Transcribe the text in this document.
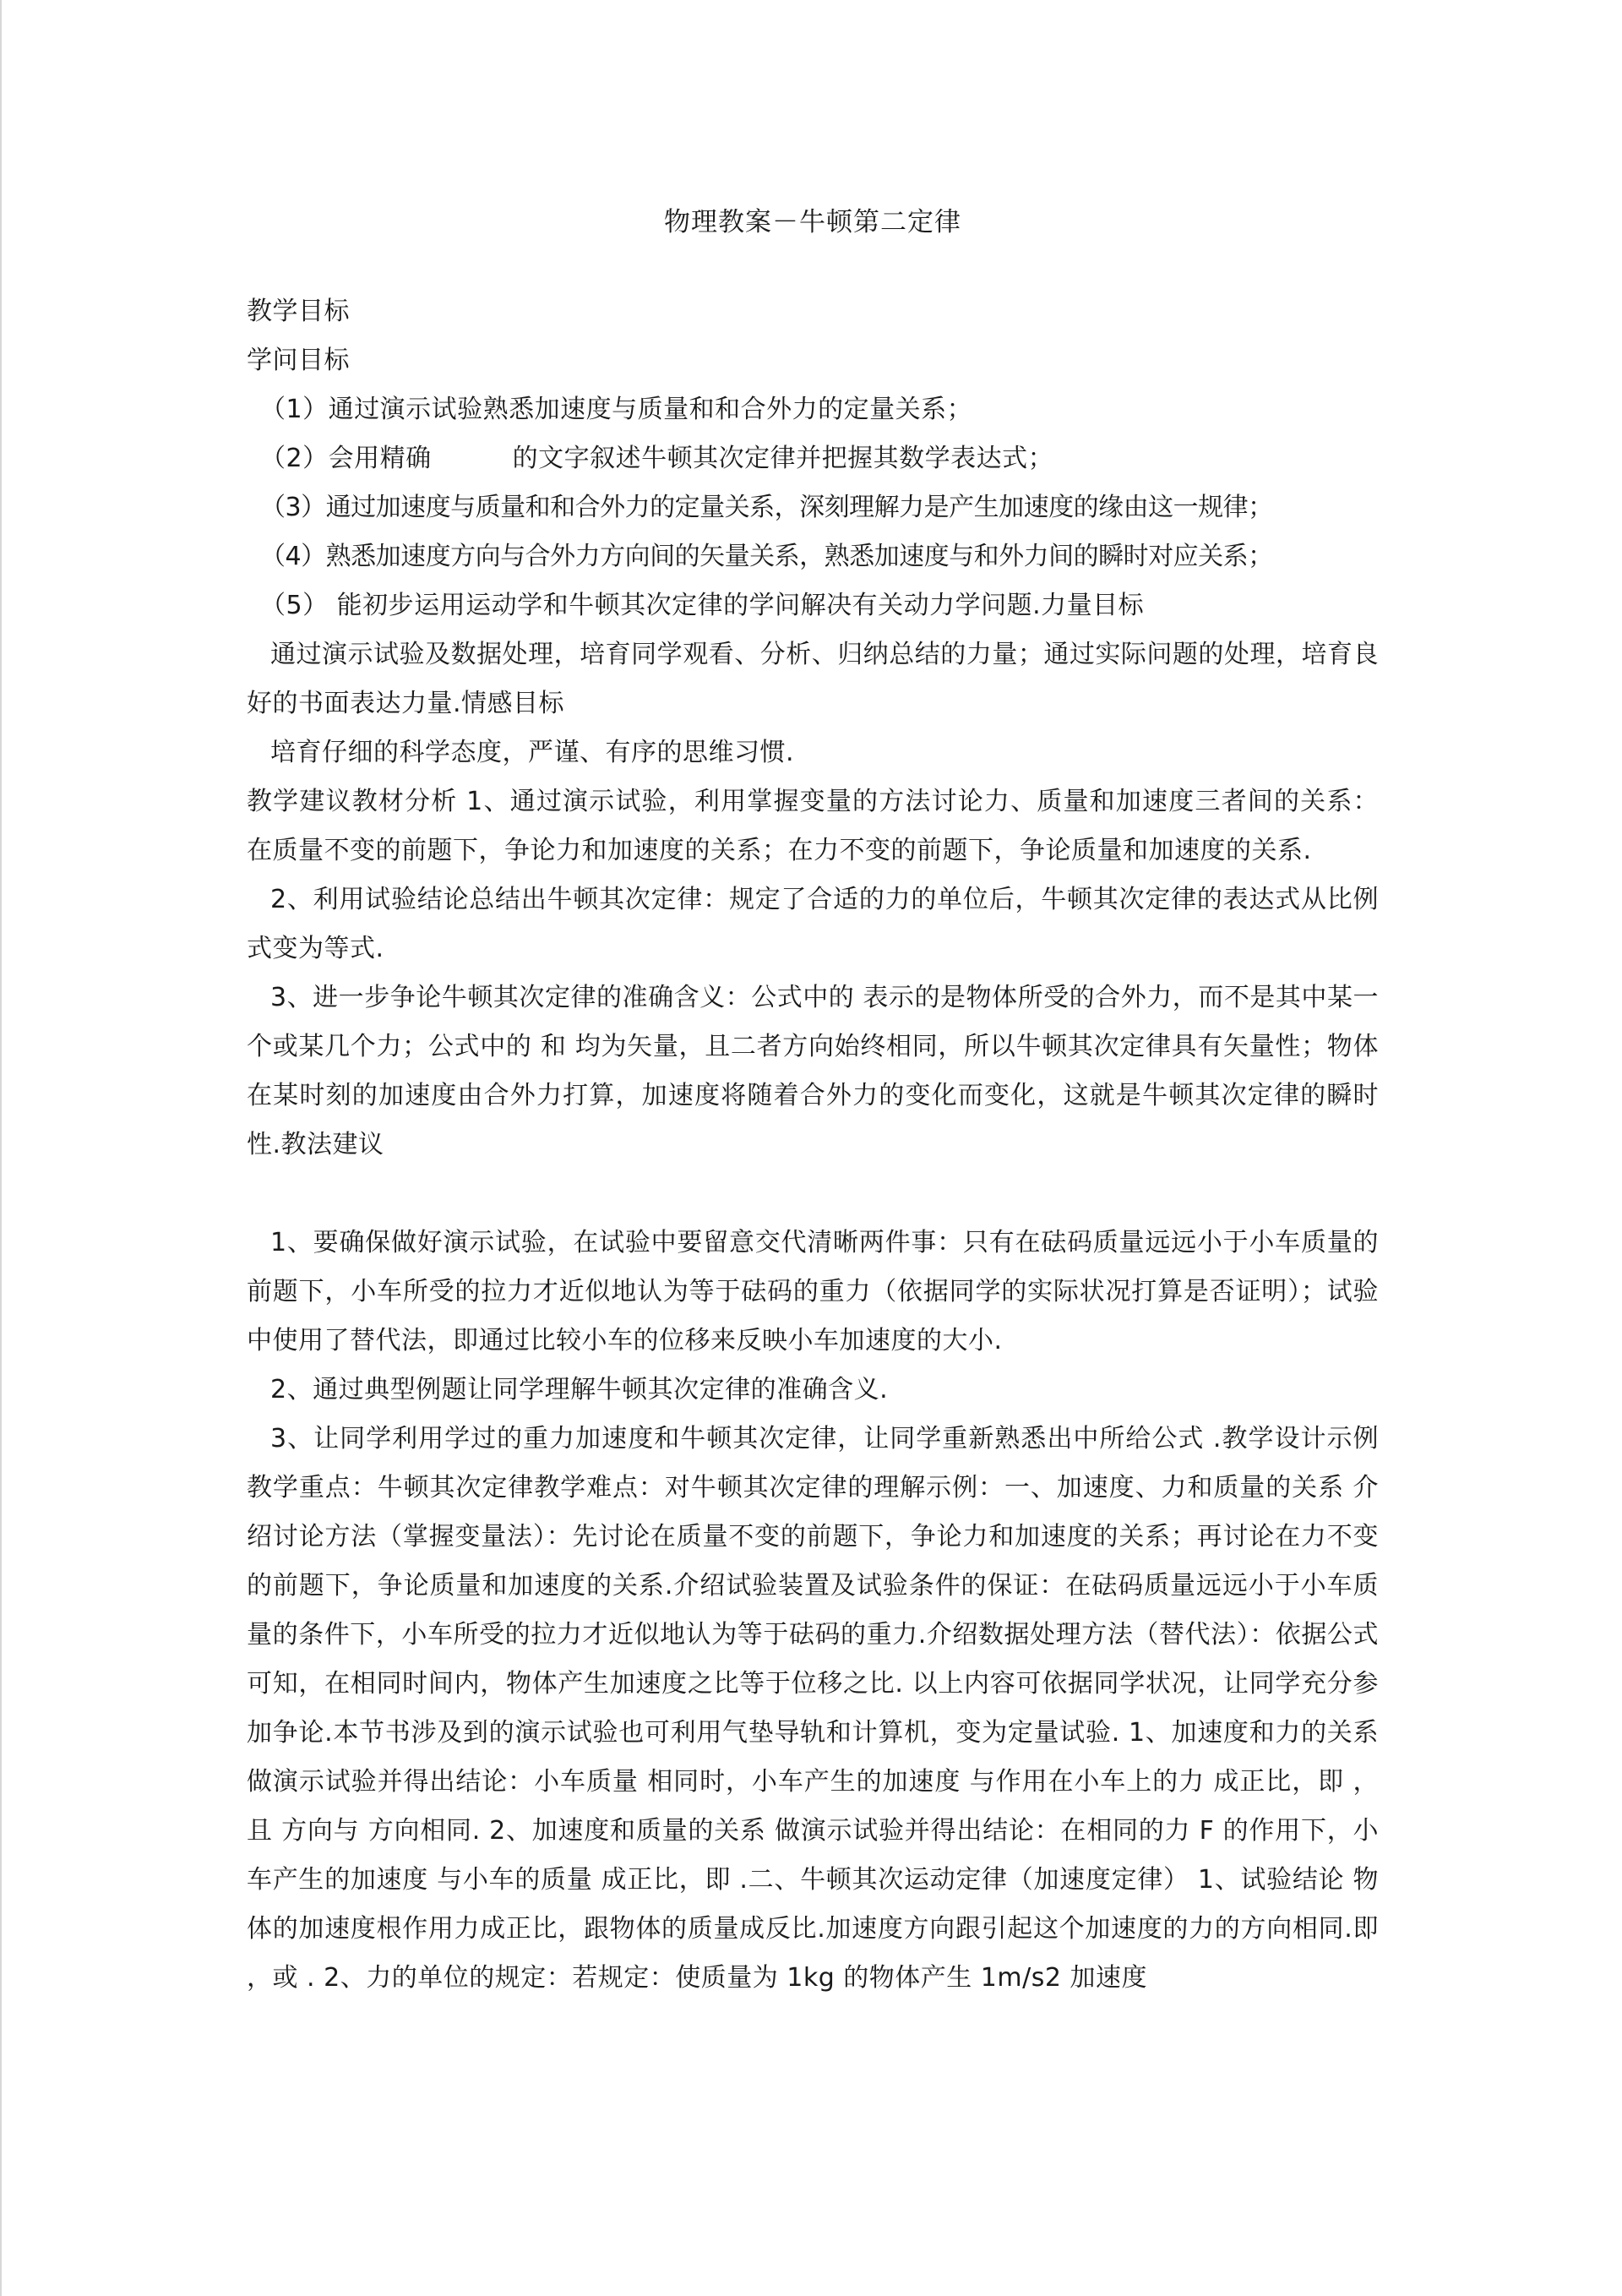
物理教案－牛顿第二定律

教学目标

学问目标

（1）通过演示试验熟悉加速度与质量和和合外力的定量关系；

（2）会用精确	的文字叙述牛顿其次定律并把握其数学表达式；

（3）通过加速度与质量和和合外力的定量关系，深刻理解力是产生加速度的缘由这一规律；

（4）熟悉加速度方向与合外力方向间的矢量关系，熟悉加速度与和外力间的瞬时对应关系；

（5） 能初步运用运动学和牛顿其次定律的学问解决有关动力学问题.力量目标

通过演示试验及数据处理，培育同学观看、分析、归纳总结的力量；通过实际问题的处理，培育良好的书面表达力量.情感目标

培育仔细的科学态度，严谨、有序的思维习惯.

教学建议教材分析 1、通过演示试验，利用掌握变量的方法讨论力、质量和加速度三者间的关系：在质量不变的前题下，争论力和加速度的关系；在力不变的前题下，争论质量和加速度的关系.

2、利用试验结论总结出牛顿其次定律：规定了合适的力的单位后，牛顿其次定律的表达式从比例式变为等式.

3、进一步争论牛顿其次定律的准确含义：公式中的 表示的是物体所受的合外力，而不是其中某一个或某几个力；公式中的 和 均为矢量，且二者方向始终相同，所以牛顿其次定律具有矢量性；物体在某时刻的加速度由合外力打算，加速度将随着合外力的变化而变化，这就是牛顿其次定律的瞬时性.教法建议

1、要确保做好演示试验，在试验中要留意交代清晰两件事：只有在砝码质量远远小于小车质量的前题下，小车所受的拉力才近似地认为等于砝码的重力（依据同学的实际状况打算是否证明）；试验中使用了替代法，即通过比较小车的位移来反映小车加速度的大小.

2、通过典型例题让同学理解牛顿其次定律的准确含义.

3、让同学利用学过的重力加速度和牛顿其次定律，让同学重新熟悉出中所给公式 .教学设计示例教学重点：牛顿其次定律教学难点：对牛顿其次定律的理解示例：一、加速度、力和质量的关系 介绍讨论方法（掌握变量法）：先讨论在质量不变的前题下，争论力和加速度的关系；再讨论在力不变的前题下，争论质量和加速度的关系.介绍试验装置及试验条件的保证：在砝码质量远远小于小车质量的条件下，小车所受的拉力才近似地认为等于砝码的重力.介绍数据处理方法（替代法）：依据公式 可知，在相同时间内，物体产生加速度之比等于位移之比. 以上内容可依据同学状况，让同学充分参加争论.本节书涉及到的演示试验也可利用气垫导轨和计算机，变为定量试验. 1、加速度和力的关系 做演示试验并得出结论：小车质量 相同时，小车产生的加速度 与作用在小车上的力 成正比，即 ，且 方向与 方向相同. 2、加速度和质量的关系 做演示试验并得出结论：在相同的力 F 的作用下，小车产生的加速度 与小车的质量 成正比，即 .二、牛顿其次运动定律（加速度定律） 1、试验结论 物体的加速度根作用力成正比，跟物体的质量成反比.加速度方向跟引起这个加速度的力的方向相同.即 ，或 . 2、力的单位的规定：若规定：使质量为 1kg 的物体产生 1m/s2 加速度
